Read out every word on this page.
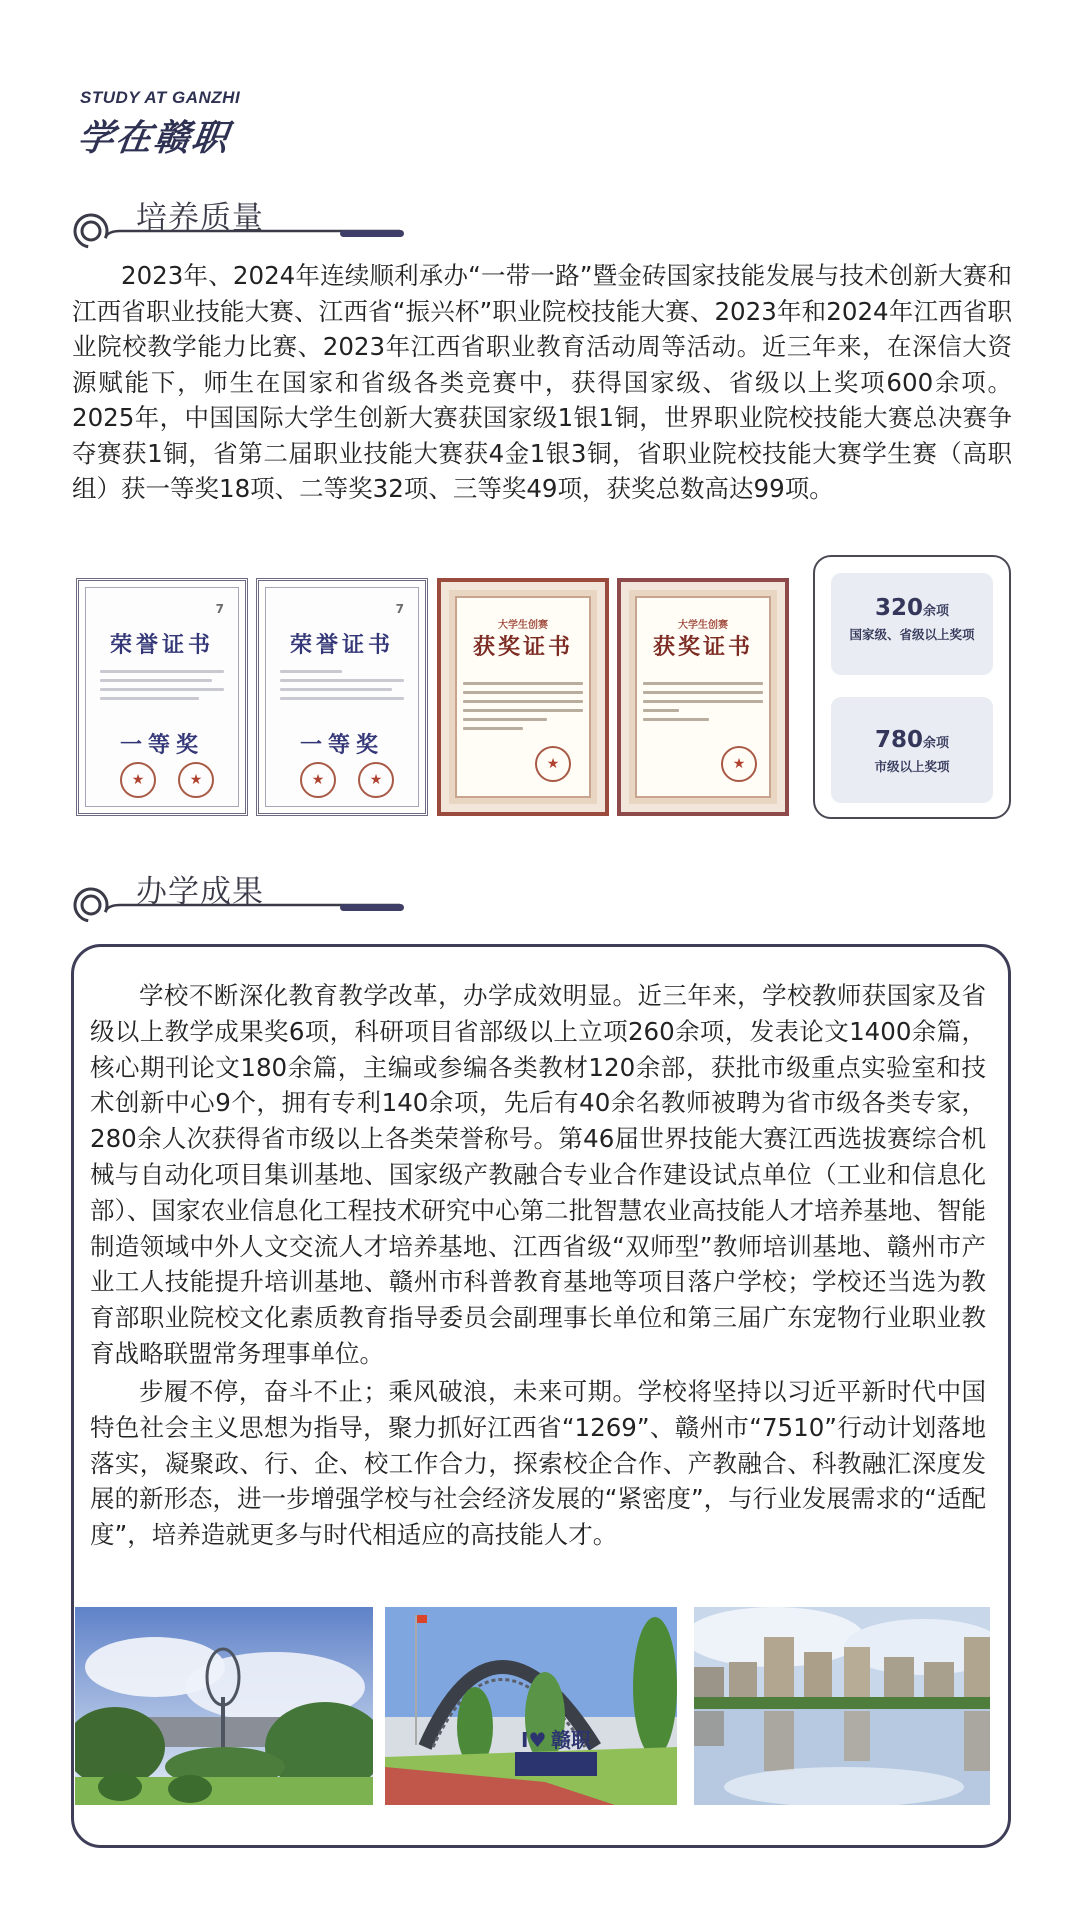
STUDY AT GANZHI
学在赣职
培养质量
2023年、2024年连续顺利承办“一带一路”暨金砖国家技能发展与技术创新大赛和江西省职业技能大赛、江西省“振兴杯”职业院校技能大赛、2023年和2024年江西省职业院校教学能力比赛、2023年江西省职业教育活动周等活动。近三年来，在深信大资源赋能下，师生在国家和省级各类竞赛中，获得国家级、省级以上奖项600余项。2025年，中国国际大学生创新大赛获国家级1银1铜，世界职业院校技能大赛总决赛争夺赛获1铜，省第二届职业技能大赛获4金1银3铜，省职业院校技能大赛学生赛（高职组）获一等奖18项、二等奖32项、三等奖49项，获奖总数高达99项。
7
荣誉证书
一等奖
★	★
7
荣誉证书
一等奖
★	★
大学生创赛
获奖证书
★
大学生创赛
获奖证书
★
320余项
国家级、省级以上奖项
780余项
市级以上奖项
办学成果
学校不断深化教育教学改革，办学成效明显。近三年来，学校教师获国家及省级以上教学成果奖6项，科研项目省部级以上立项260余项，发表论文1400余篇，核心期刊论文180余篇，主编或参编各类教材120余部，获批市级重点实验室和技术创新中心9个，拥有专利140余项，先后有40余名教师被聘为省市级各类专家，280余人次获得省市级以上各类荣誉称号。第46届世界技能大赛江西选拔赛综合机械与自动化项目集训基地、国家级产教融合专业合作建设试点单位（工业和信息化部）、国家农业信息化工程技术研究中心第二批智慧农业高技能人才培养基地、智能制造领域中外人文交流人才培养基地、江西省级“双师型”教师培训基地、赣州市产业工人技能提升培训基地、赣州市科普教育基地等项目落户学校；学校还当选为教育部职业院校文化素质教育指导委员会副理事长单位和第三届广东宠物行业职业教育战略联盟常务理事单位。
步履不停，奋斗不止；乘风破浪，未来可期。学校将坚持以习近平新时代中国特色社会主义思想为指导，聚力抓好江西省“1269”、赣州市“7510”行动计划落地落实，凝聚政、行、企、校工作合力，探索校企合作、产教融合、科教融汇深度发展的新形态，进一步增强学校与社会经济发展的“紧密度”，与行业发展需求的“适配度”，培养造就更多与时代相适应的高技能人才。
I♥ 赣职
